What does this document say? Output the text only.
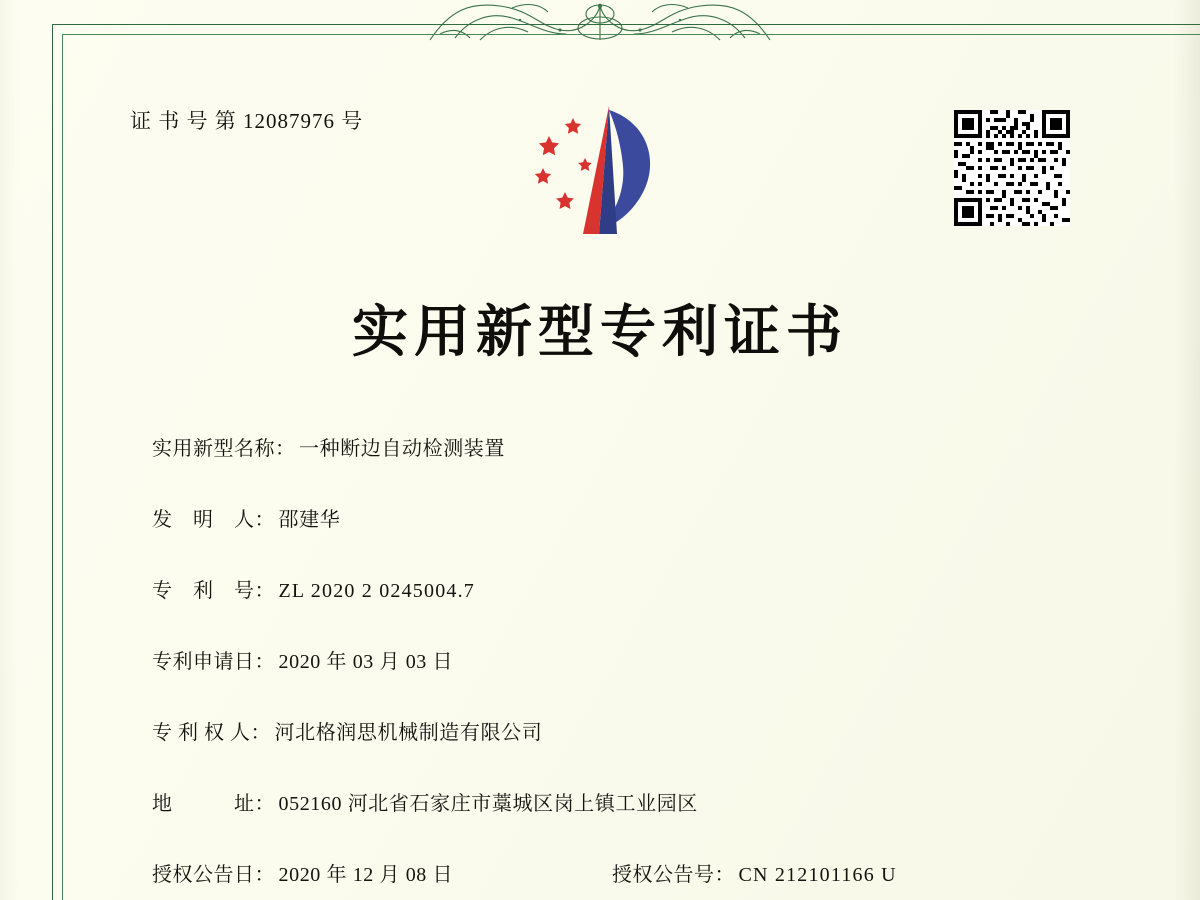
证 书 号 第 12087976 号
实用新型专利证书
实用新型名称： 一种断边自动检测装置
发　明　人： 邵建华
专　利　号： ZL 2020 2 0245004.7
专利申请日： 2020 年 03 月 03 日
专 利 权 人： 河北格润思机械制造有限公司
地　　　址： 052160 河北省石家庄市藁城区岗上镇工业园区
授权公告日： 2020 年 12 月 08 日	授权公告号： CN 212101166 U
